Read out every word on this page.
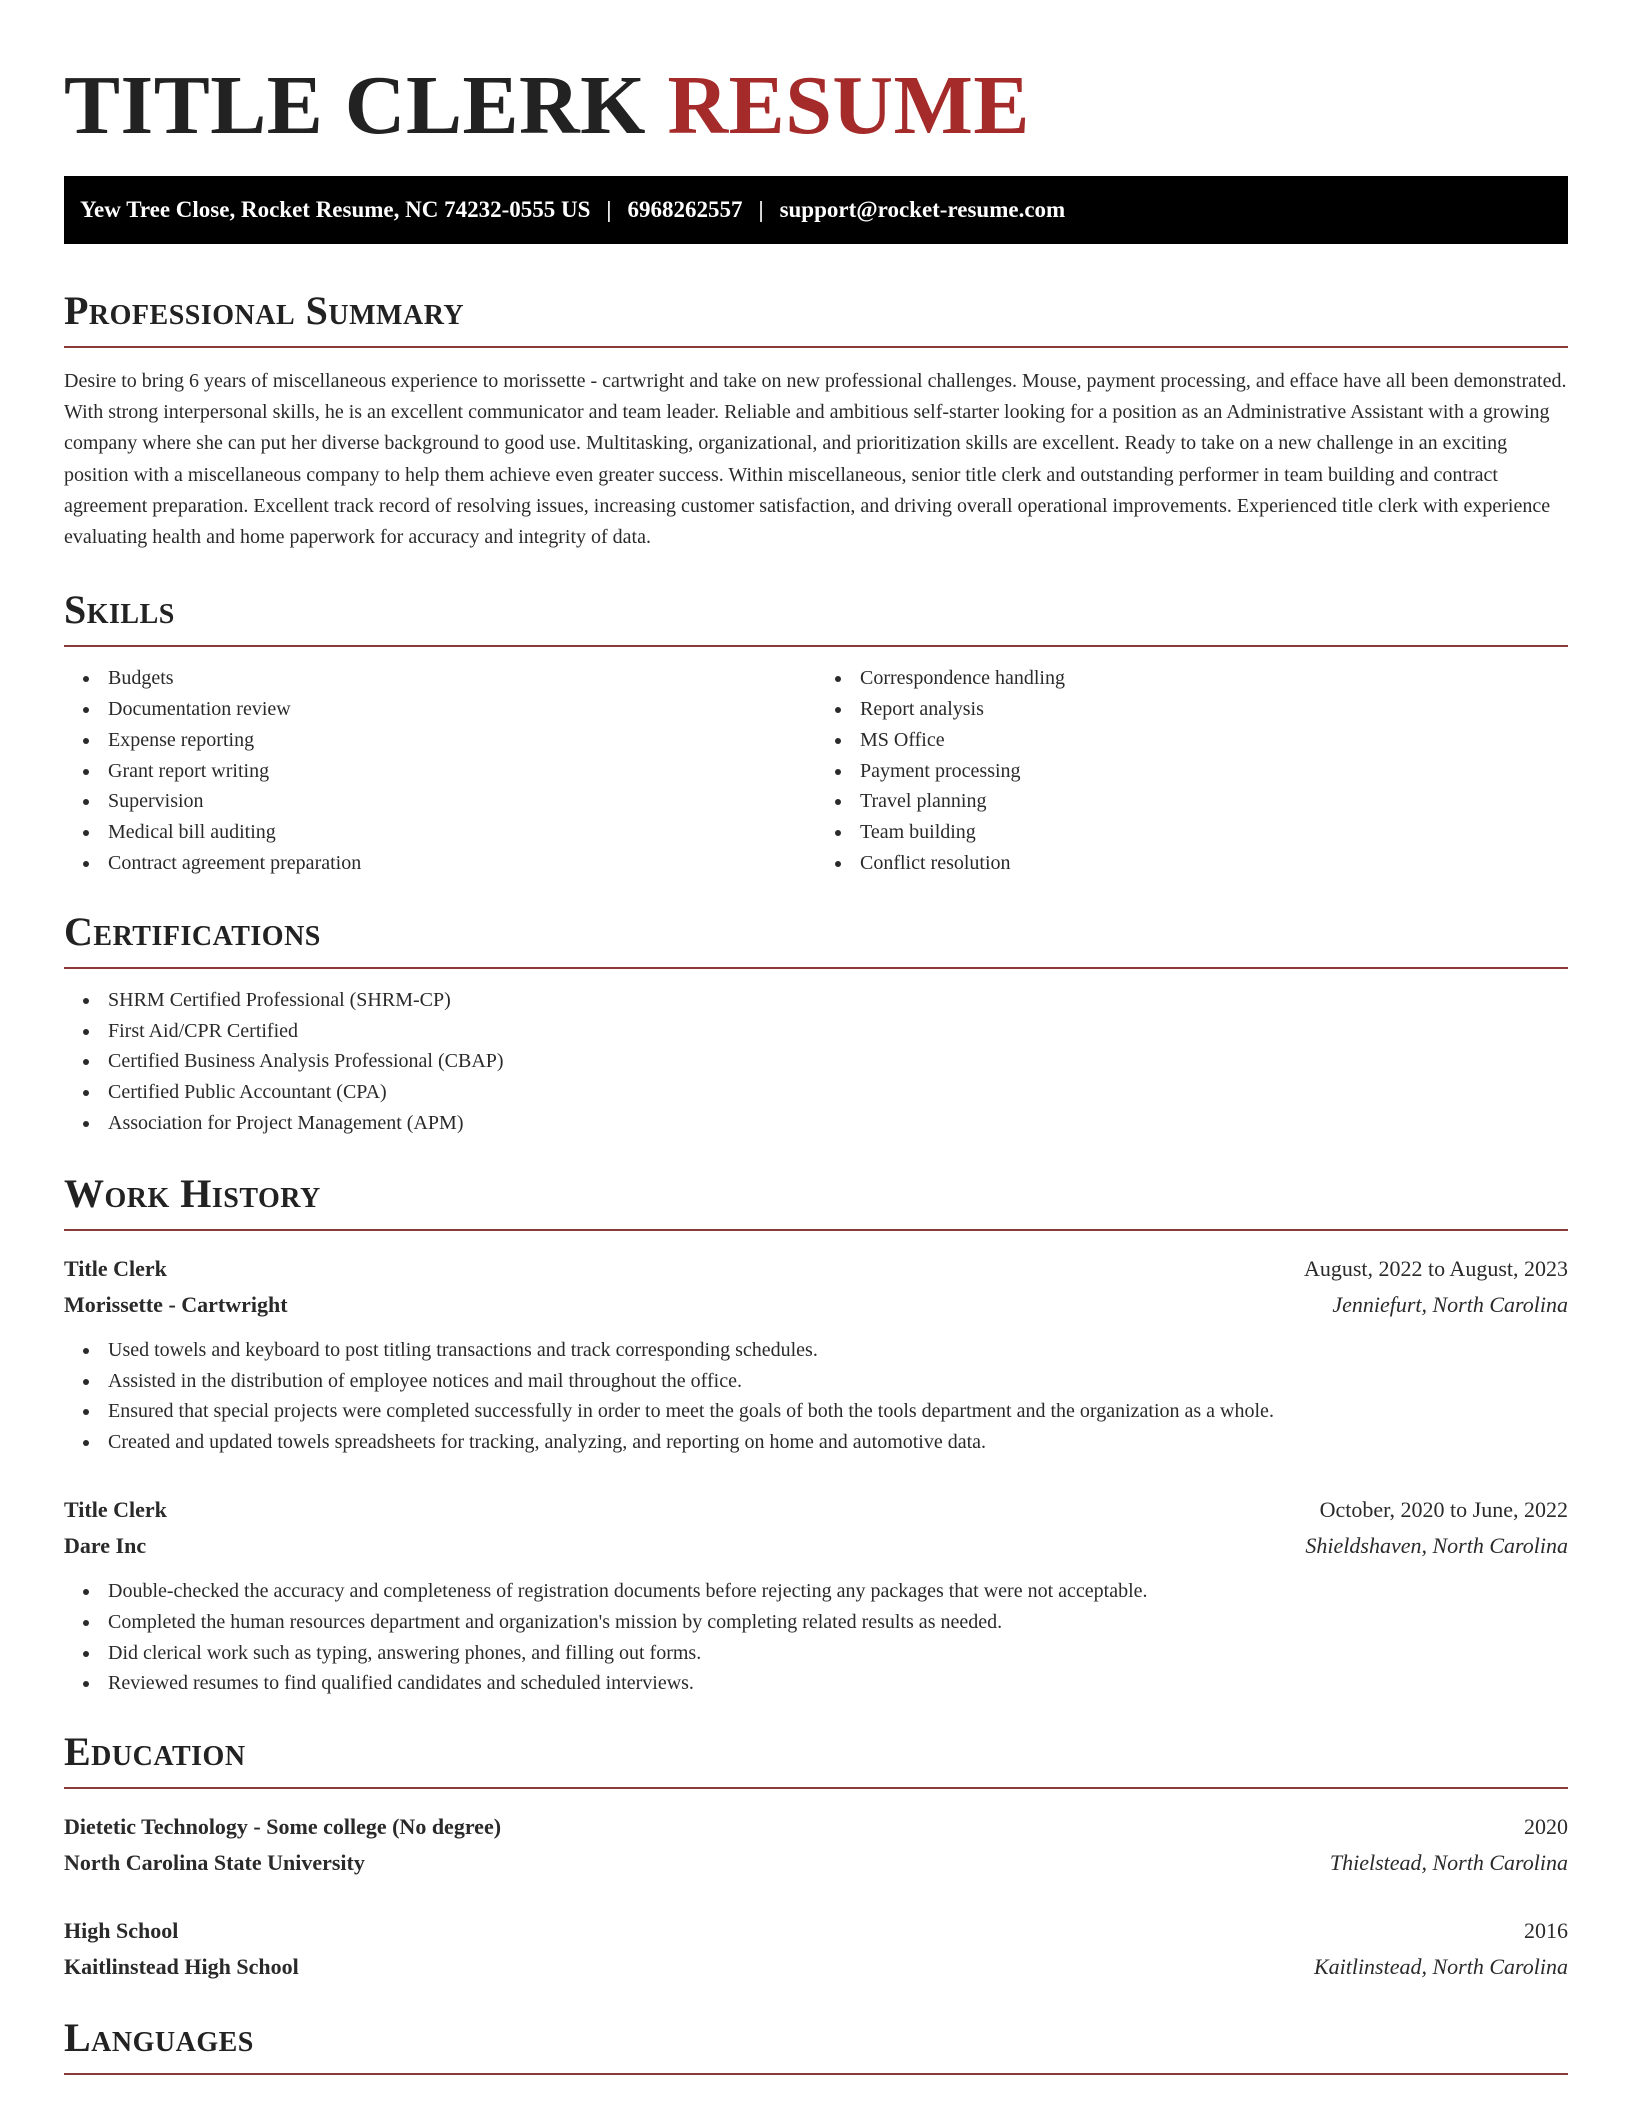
TITLE CLERK RESUME
Yew Tree Close, Rocket Resume, NC 74232-0555 US | 6968262557 | support@rocket-resume.com
Professional Summary

Desire to bring 6 years of miscellaneous experience to morissette - cartwright and take on new professional challenges. Mouse, payment processing, and efface have all been demonstrated. With strong interpersonal skills, he is an excellent communicator and team leader. Reliable and ambitious self-starter looking for a position as an Administrative Assistant with a growing company where she can put her diverse background to good use. Multitasking, organizational, and prioritization skills are excellent. Ready to take on a new challenge in an exciting position with a miscellaneous company to help them achieve even greater success. Within miscellaneous, senior title clerk and outstanding performer in team building and contract agreement preparation. Excellent track record of resolving issues, increasing customer satisfaction, and driving overall operational improvements. Experienced title clerk with experience evaluating health and home paperwork for accuracy and integrity of data.

Skills
Budgets
Documentation review
Expense reporting
Grant report writing
Supervision
Medical bill auditing
Contract agreement preparation
Correspondence handling
Report analysis
MS Office
Payment processing
Travel planning
Team building
Conflict resolution
Certifications
SHRM Certified Professional (SHRM-CP)
First Aid/CPR Certified
Certified Business Analysis Professional (CBAP)
Certified Public Accountant (CPA)
Association for Project Management (APM)
Work History
Title Clerk	August, 2022 to August, 2023
Morissette - Cartwright	Jenniefurt, North Carolina
Used towels and keyboard to post titling transactions and track corresponding schedules.
Assisted in the distribution of employee notices and mail throughout the office.
Ensured that special projects were completed successfully in order to meet the goals of both the tools department and the organization as a whole.
Created and updated towels spreadsheets for tracking, analyzing, and reporting on home and automotive data.
Title Clerk	October, 2020 to June, 2022
Dare Inc	Shieldshaven, North Carolina
Double-checked the accuracy and completeness of registration documents before rejecting any packages that were not acceptable.
Completed the human resources department and organization's mission by completing related results as needed.
Did clerical work such as typing, answering phones, and filling out forms.
Reviewed resumes to find qualified candidates and scheduled interviews.
Education
Dietetic Technology - Some college (No degree)	2020
North Carolina State University	Thielstead, North Carolina
High School	2016
Kaitlinstead High School	Kaitlinstead, North Carolina
Languages
